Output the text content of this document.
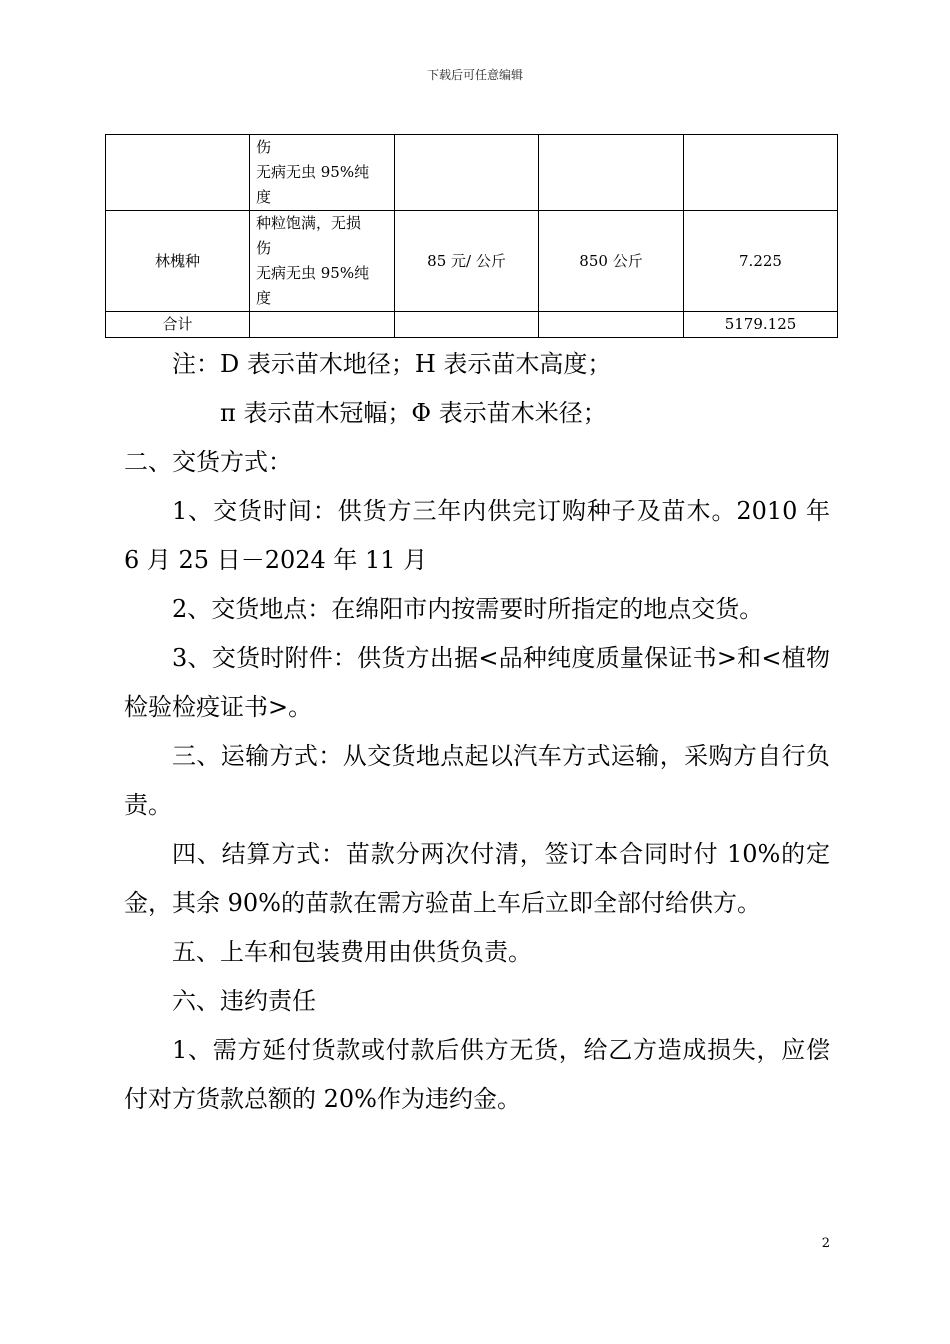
下载后可任意编辑

	伤
无病无虫 95%纯
度			

林槐种	种粒饱满，无损
伤
无病无虫 95%纯
度	85 元/ 公斤	850 公斤	7.225
合计				5179.125

注：D 表示苗木地径；H 表示苗木高度；

π 表示苗木冠幅；Φ 表示苗木米径；

二、交货方式：

1、交货时间：供货方三年内供完订购种子及苗木。2010 年 6 月 25 日－2024 年 11 月

2、交货地点：在绵阳市内按需要时所指定的地点交货。

3、交货时附件：供货方出据<品种纯度质量保证书>和<植物检验检疫证书>。

三、运输方式：从交货地点起以汽车方式运输，采购方自行负责。

四、结算方式：苗款分两次付清，签订本合同时付 10%的定金，其余 90%的苗款在需方验苗上车后立即全部付给供方。

五、上车和包装费用由供货负责。

六、违约责任

1、需方延付货款或付款后供方无货，给乙方造成损失，应偿付对方货款总额的 20%作为违约金。

2
